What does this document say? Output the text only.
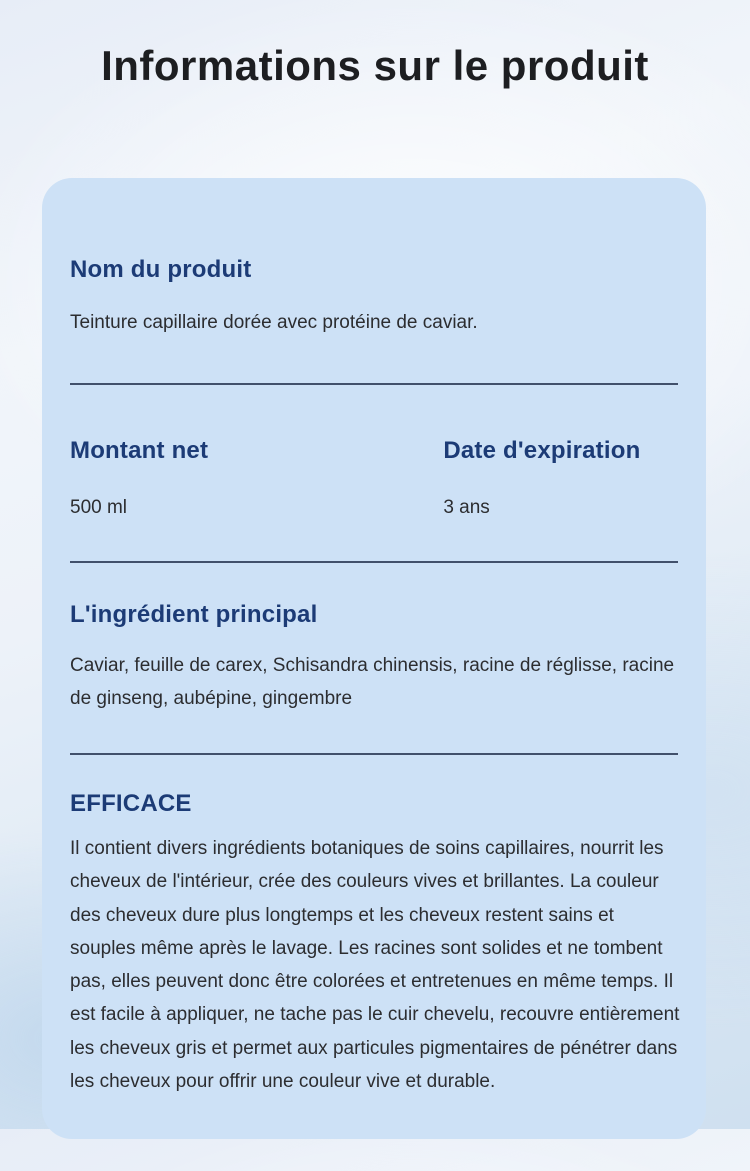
Informations sur le produit
Nom du produit
Teinture capillaire dorée avec protéine de caviar.
Montant net
500 ml
Date d'expiration
3 ans
L'ingrédient principal
Caviar, feuille de carex, Schisandra chinensis, racine de réglisse, racine de ginseng, aubépine, gingembre
EFFICACE
Il contient divers ingrédients botaniques de soins capillaires, nourrit les cheveux de l'intérieur, crée des couleurs vives et brillantes. La couleur des cheveux dure plus longtemps et les cheveux restent sains et souples même après le lavage. Les racines sont solides et ne tombent pas, elles peuvent donc être colorées et entretenues en même temps. Il est facile à appliquer, ne tache pas le cuir chevelu, recouvre entièrement les cheveux gris et permet aux particules pigmentaires de pénétrer dans les cheveux pour offrir une couleur vive et durable.
